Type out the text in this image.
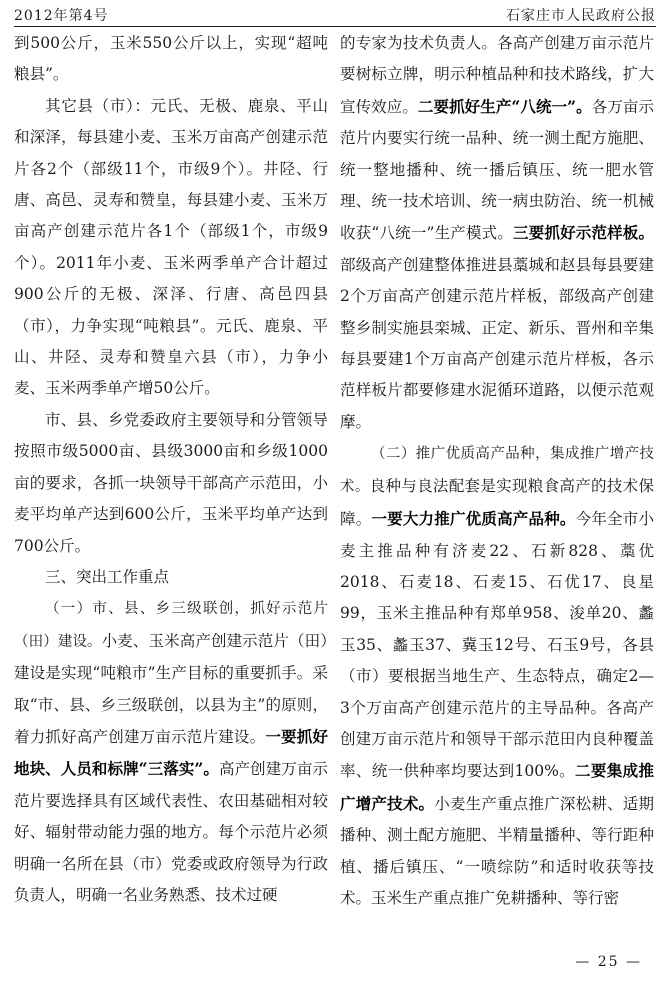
2012年第4号	石家庄市人民政府公报

到500公斤，玉米550公斤以上，实现“超吨粮县”。

其它县（市）：元氏、无极、鹿泉、平山和深泽，每县建小麦、玉米万亩高产创建示范片各2个（部级11个，市级9个）。井陉、行唐、高邑、灵寿和赞皇，每县建小麦、玉米万亩高产创建示范片各1个（部级1个，市级9个）。2011年小麦、玉米两季单产合计超过900公斤的无极、深泽、行唐、高邑四县（市），力争实现“吨粮县”。元氏、鹿泉、平山、井陉、灵寿和赞皇六县（市），力争小麦、玉米两季单产增50公斤。

市、县、乡党委政府主要领导和分管领导按照市级5000亩、县级3000亩和乡级1000亩的要求，各抓一块领导干部高产示范田，小麦平均单产达到600公斤，玉米平均单产达到700公斤。

三、突出工作重点

（一）市、县、乡三级联创，抓好示范片（田）建设。小麦、玉米高产创建示范片（田）建设是实现“吨粮市”生产目标的重要抓手。采取“市、县、乡三级联创，以县为主”的原则，着力抓好高产创建万亩示范片建设。一要抓好地块、人员和标牌“三落实”。高产创建万亩示范片要选择具有区域代表性、农田基础相对较好、辐射带动能力强的地方。每个示范片必须明确一名所在县（市）党委或政府领导为行政负责人，明确一名业务熟悉、技术过硬

的专家为技术负责人。各高产创建万亩示范片要树标立牌，明示种植品种和技术路线，扩大宣传效应。二要抓好生产“八统一”。各万亩示范片内要实行统一品种、统一测土配方施肥、统一整地播种、统一播后镇压、统一肥水管理、统一技术培训、统一病虫防治、统一机械收获“八统一”生产模式。三要抓好示范样板。部级高产创建整体推进县藁城和赵县每县要建2个万亩高产创建示范片样板，部级高产创建整乡制实施县栾城、正定、新乐、晋州和辛集每县要建1个万亩高产创建示范片样板，各示范样板片都要修建水泥循环道路，以便示范观摩。

（二）推广优质高产品种，集成推广增产技术。良种与良法配套是实现粮食高产的技术保障。一要大力推广优质高产品种。今年全市小麦主推品种有济麦22、石新828、藁优2018、石麦18、石麦15、石优17、良星99，玉米主推品种有郑单958、浚单20、蠡玉35、蠡玉37、冀玉12号、石玉9号，各县（市）要根据当地生产、生态特点，确定2—3个万亩高产创建示范片的主导品种。各高产创建万亩示范片和领导干部示范田内良种覆盖率、统一供种率均要达到100%。二要集成推广增产技术。小麦生产重点推广深松耕、适期播种、测土配方施肥、半精量播种、等行距种植、播后镇压、“一喷综防”和适时收获等技术。玉米生产重点推广免耕播种、等行密

— 25 —
